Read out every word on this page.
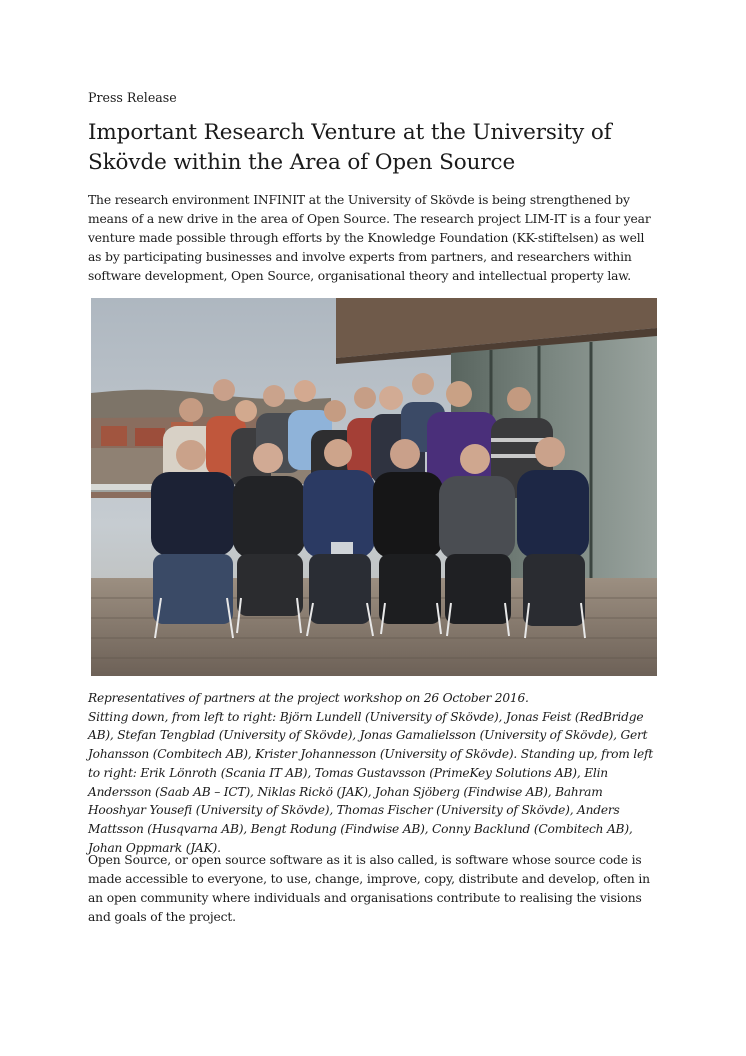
Press Release
Important Research Venture at the University of Skövde within the Area of Open Source

The research environment INFINIT at the University of Skövde is being strengthened by means of a new drive in the area of Open Source. The research project LIM-IT is a four year venture made possible through efforts by the Knowledge Foundation (KK-stiftelsen) as well as by participating businesses and involve experts from partners, and researchers within software development, Open Source, organisational theory and intellectual property law.

Representatives of partners at the project workshop on 26 October 2016.
Sitting down, from left to right: Björn Lundell (University of Skövde), Jonas Feist (RedBridge AB), Stefan Tengblad (University of Skövde), Jonas Gamalielsson (University of Skövde), Gert Johansson (Combitech AB), Krister Johannesson (University of Skövde). Standing up, from left to right: Erik Lönroth (Scania IT AB), Tomas Gustavsson (PrimeKey Solutions AB), Elin Andersson (Saab AB – ICT), Niklas Rickö (JAK), Johan Sjöberg (Findwise AB), Bahram Hooshyar Yousefi (University of Skövde), Thomas Fischer (University of Skövde), Anders Mattsson (Husqvarna AB), Bengt Rodung (Findwise AB), Conny Backlund (Combitech AB), Johan Oppmark (JAK).

Open Source, or open source software as it is also called, is software whose source code is made accessible to everyone, to use, change, improve, copy, distribute and develop, often in an open community where individuals and organisations contribute to realising the visions and goals of the project.
